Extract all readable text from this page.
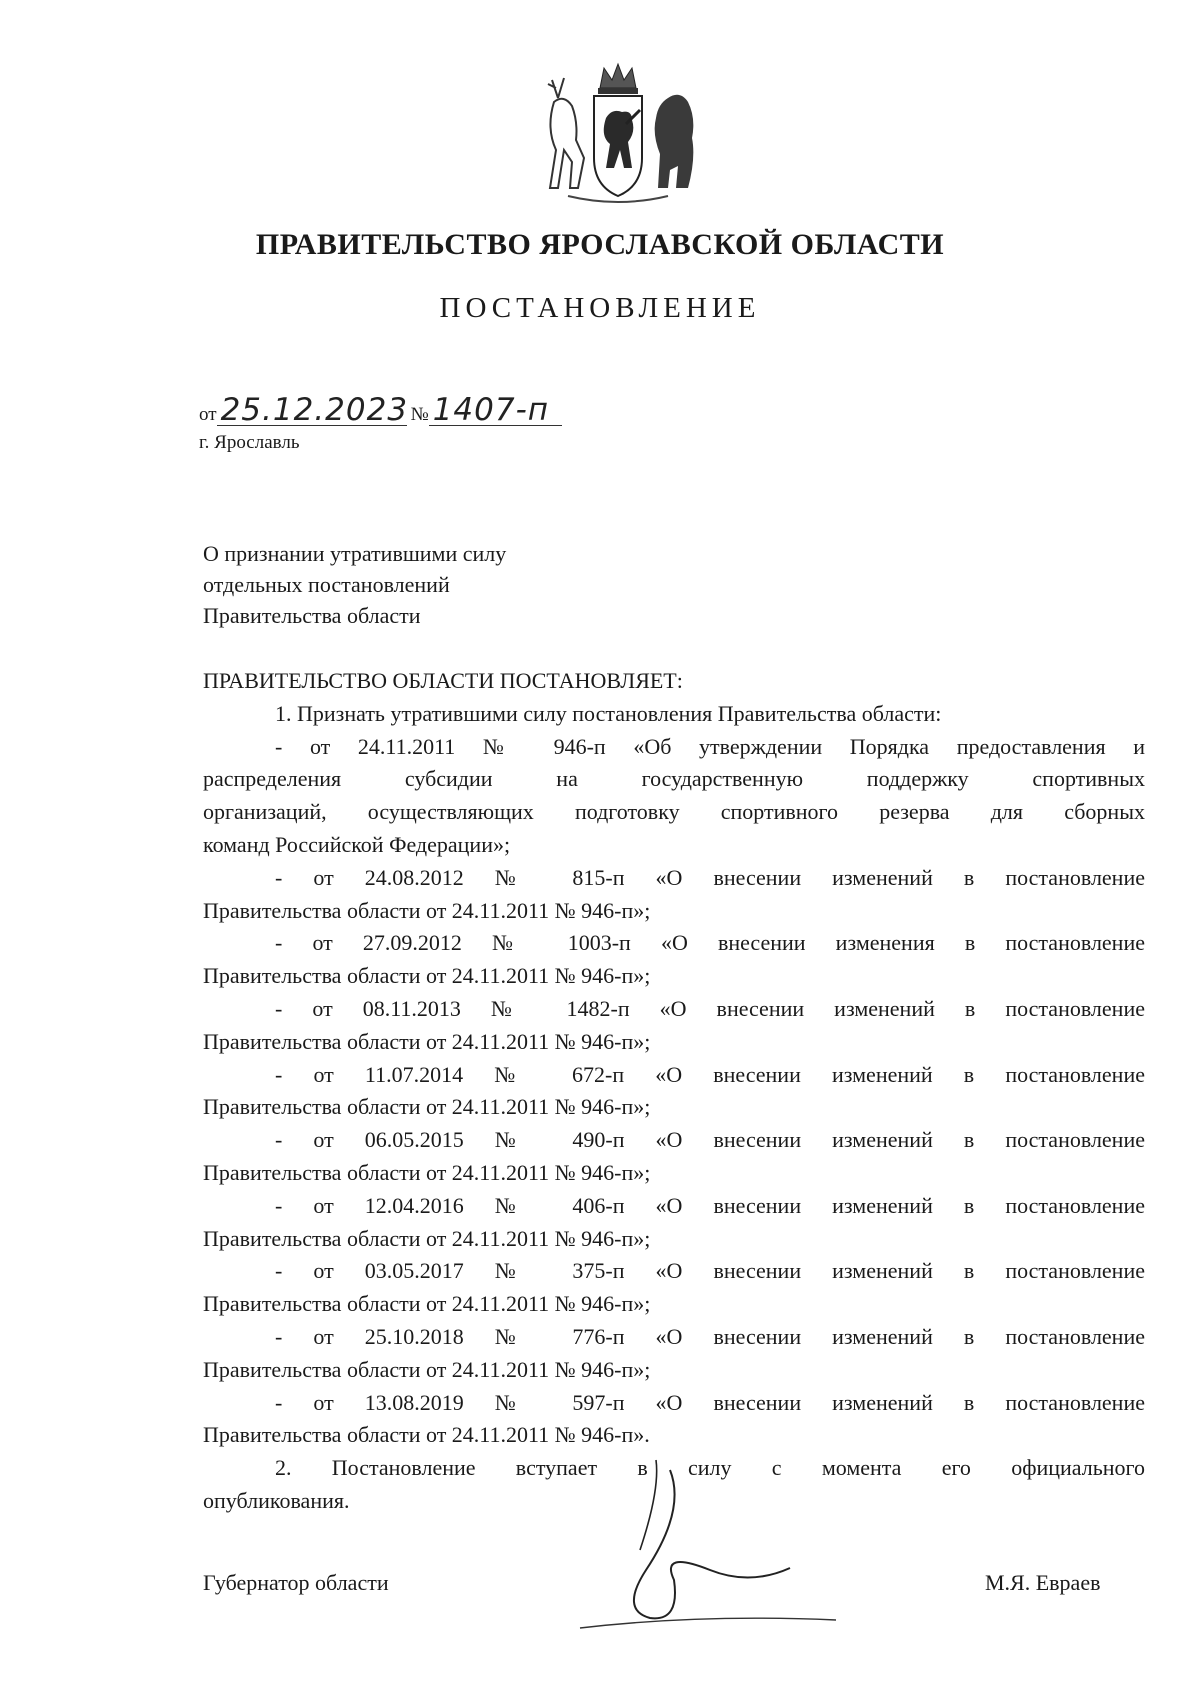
ПРАВИТЕЛЬСТВО ЯРОСЛАВСКОЙ ОБЛАСТИ
ПОСТАНОВЛЕНИЕ
от 25.12.2023 № 1407-п
г. Ярославль
О признании утратившими силу
отдельных постановлений
Правительства области
ПРАВИТЕЛЬСТВО ОБЛАСТИ ПОСТАНОВЛЯЕТ:
1. Признать утратившими силу постановления Правительства области:
- от 24.11.2011 № 946-п «Об утверждении Порядка предоставления и
распределения субсидии на государственную поддержку спортивных
организаций, осуществляющих подготовку спортивного резерва для сборных
команд Российской Федерации»;
- от 24.08.2012 № 815-п «О внесении изменений в постановление
Правительства области от 24.11.2011 № 946-п»;
- от 27.09.2012 № 1003-п «О внесении изменения в постановление
Правительства области от 24.11.2011 № 946-п»;
- от 08.11.2013 № 1482-п «О внесении изменений в постановление
Правительства области от 24.11.2011 № 946-п»;
- от 11.07.2014 № 672-п «О внесении изменений в постановление
Правительства области от 24.11.2011 № 946-п»;
- от 06.05.2015 № 490-п «О внесении изменений в постановление
Правительства области от 24.11.2011 № 946-п»;
- от 12.04.2016 № 406-п «О внесении изменений в постановление
Правительства области от 24.11.2011 № 946-п»;
- от 03.05.2017 № 375-п «О внесении изменений в постановление
Правительства области от 24.11.2011 № 946-п»;
- от 25.10.2018 № 776-п «О внесении изменений в постановление
Правительства области от 24.11.2011 № 946-п»;
- от 13.08.2019 № 597-п «О внесении изменений в постановление
Правительства области от 24.11.2011 № 946-п».
2. Постановление вступает в силу с момента его официального
опубликования.
Губернатор области	М.Я. Евраев
